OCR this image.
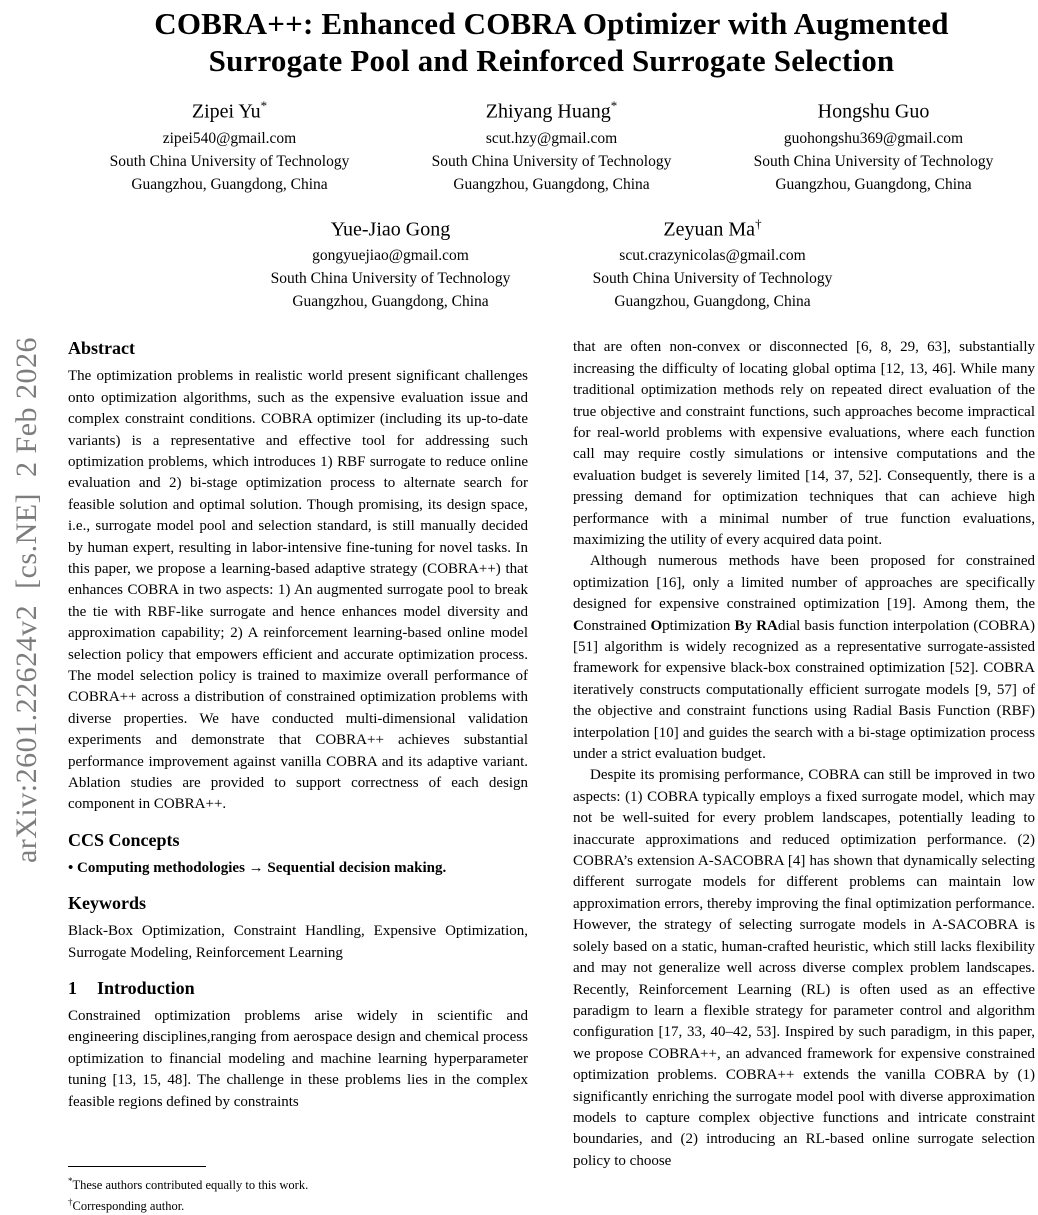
arXiv:2601.22624v2  [cs.NE]  2 Feb 2026
COBRA++: Enhanced COBRA Optimizer with Augmented
Surrogate Pool and Reinforced Surrogate Selection
Zipei Yu*
zipei540@gmail.com
South China University of Technology
Guangzhou, Guangdong, China
Zhiyang Huang*
scut.hzy@gmail.com
South China University of Technology
Guangzhou, Guangdong, China
Hongshu Guo
guohongshu369@gmail.com
South China University of Technology
Guangzhou, Guangdong, China
Yue-Jiao Gong
gongyuejiao@gmail.com
South China University of Technology
Guangzhou, Guangdong, China
Zeyuan Ma†
scut.crazynicolas@gmail.com
South China University of Technology
Guangzhou, Guangdong, China
Abstract

The optimization problems in realistic world present significant challenges onto optimization algorithms, such as the expensive evaluation issue and complex constraint conditions. COBRA optimizer (including its up-to-date variants) is a representative and effective tool for addressing such optimization problems, which introduces 1) RBF surrogate to reduce online evaluation and 2) bi-stage optimization process to alternate search for feasible solution and optimal solution. Though promising, its design space, i.e., surrogate model pool and selection standard, is still manually decided by human expert, resulting in labor-intensive fine-tuning for novel tasks. In this paper, we propose a learning-based adaptive strategy (COBRA++) that enhances COBRA in two aspects: 1) An augmented surrogate pool to break the tie with RBF-like surrogate and hence enhances model diversity and approximation capability; 2) A reinforcement learning-based online model selection policy that empowers efficient and accurate optimization process. The model selection policy is trained to maximize overall performance of COBRA++ across a distribution of constrained optimization problems with diverse properties. We have conducted multi-dimensional validation experiments and demonstrate that COBRA++ achieves substantial performance improvement against vanilla COBRA and its adaptive variant. Ablation studies are provided to support correctness of each design component in COBRA++.

CCS Concepts

• Computing methodologies → Sequential decision making.

Keywords

Black-Box Optimization, Constraint Handling, Expensive Optimization, Surrogate Modeling, Reinforcement Learning

1 Introduction

Constrained optimization problems arise widely in scientific and engineering disciplines,ranging from aerospace design and chemical process optimization to financial modeling and machine learning hyperparameter tuning [13, 15, 48]. The challenge in these problems lies in the complex feasible regions defined by constraints

*These authors contributed equally to this work.
†Corresponding author.

that are often non-convex or disconnected [6, 8, 29, 63], substantially increasing the difficulty of locating global optima [12, 13, 46]. While many traditional optimization methods rely on repeated direct evaluation of the true objective and constraint functions, such approaches become impractical for real-world problems with expensive evaluations, where each function call may require costly simulations or intensive computations and the evaluation budget is severely limited [14, 37, 52]. Consequently, there is a pressing demand for optimization techniques that can achieve high performance with a minimal number of true function evaluations, maximizing the utility of every acquired data point.

Although numerous methods have been proposed for constrained optimization [16], only a limited number of approaches are specifically designed for expensive constrained optimization [19]. Among them, the Constrained Optimization By RAdial basis function interpolation (COBRA) [51] algorithm is widely recognized as a representative surrogate-assisted framework for expensive black-box constrained optimization [52]. COBRA iteratively constructs computationally efficient surrogate models [9, 57] of the objective and constraint functions using Radial Basis Function (RBF) interpolation [10] and guides the search with a bi-stage optimization process under a strict evaluation budget.

Despite its promising performance, COBRA can still be improved in two aspects: (1) COBRA typically employs a fixed surrogate model, which may not be well-suited for every problem landscapes, potentially leading to inaccurate approximations and reduced optimization performance. (2) COBRA’s extension A-SACOBRA [4] has shown that dynamically selecting different surrogate models for different problems can maintain low approximation errors, thereby improving the final optimization performance. However, the strategy of selecting surrogate models in A-SACOBRA is solely based on a static, human-crafted heuristic, which still lacks flexibility and may not generalize well across diverse complex problem landscapes. Recently, Reinforcement Learning (RL) is often used as an effective paradigm to learn a flexible strategy for parameter control and algorithm configuration [17, 33, 40–42, 53]. Inspired by such paradigm, in this paper, we propose COBRA++, an advanced framework for expensive constrained optimization problems. COBRA++ extends the vanilla COBRA by (1) significantly enriching the surrogate model pool with diverse approximation models to capture complex objective functions and intricate constraint boundaries, and (2) introducing an RL-based online surrogate selection policy to choose
